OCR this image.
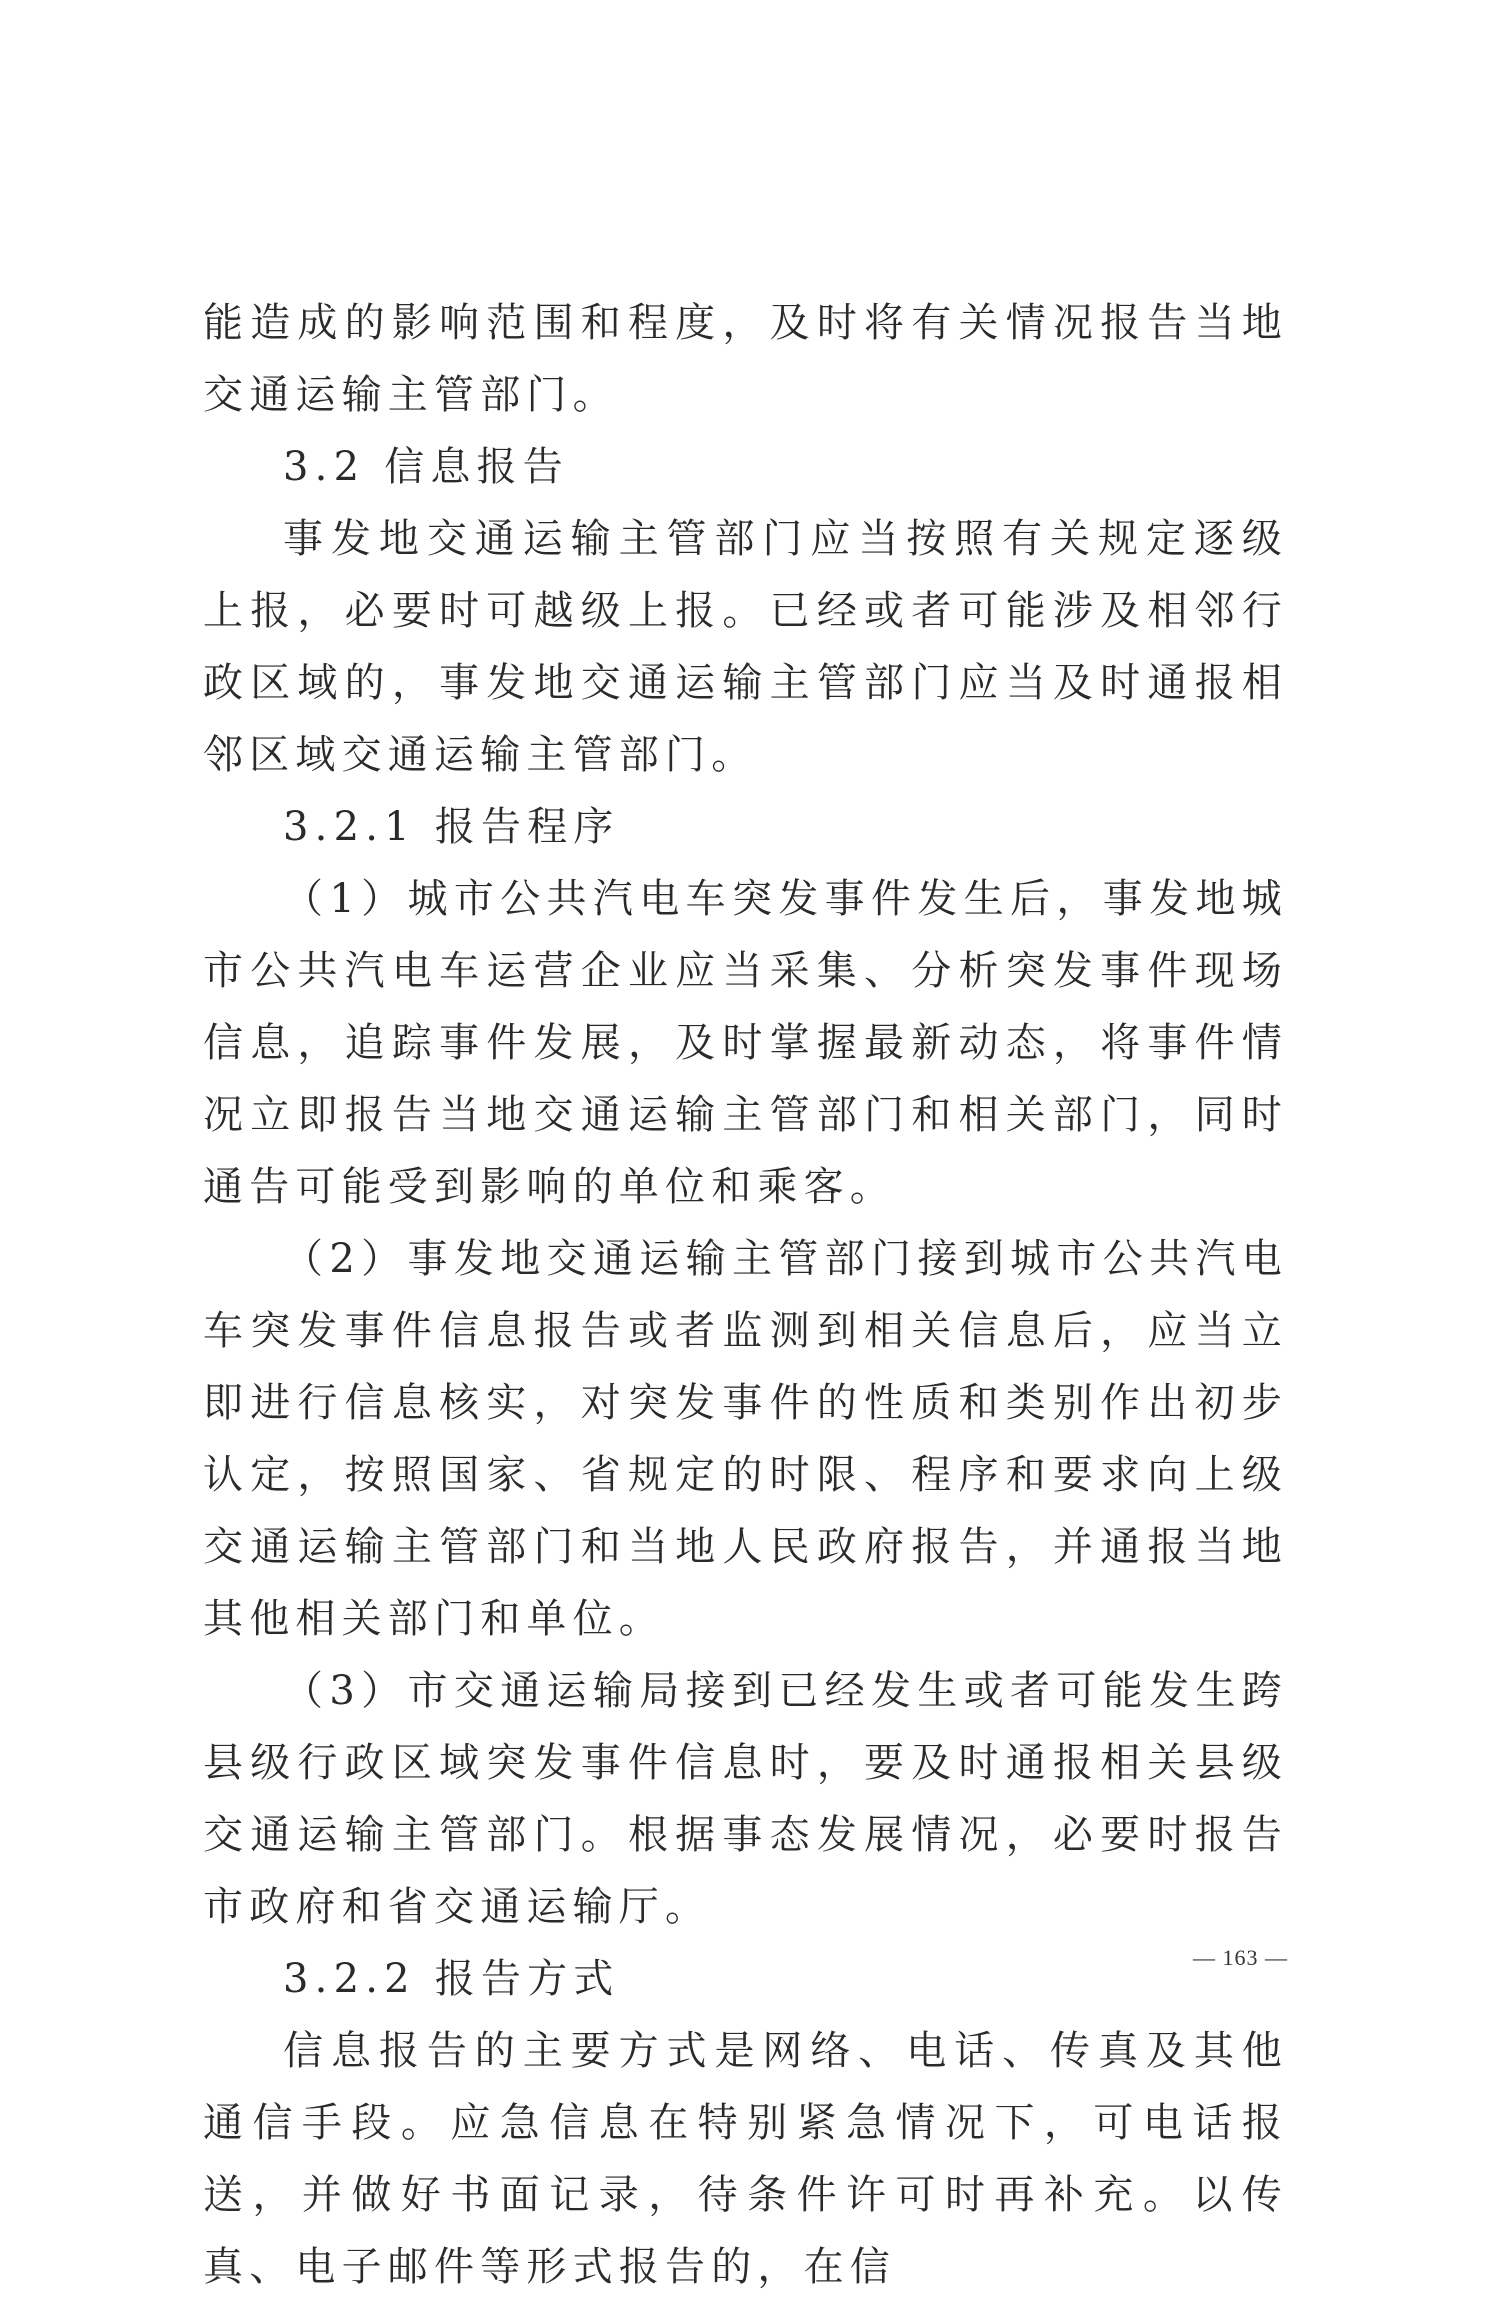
能造成的影响范围和程度，及时将有关情况报告当地交通运输主管部门。

3.2 信息报告

事发地交通运输主管部门应当按照有关规定逐级上报，必要时可越级上报。已经或者可能涉及相邻行政区域的，事发地交通运输主管部门应当及时通报相邻区域交通运输主管部门。

3.2.1 报告程序

（1）城市公共汽电车突发事件发生后，事发地城市公共汽电车运营企业应当采集、分析突发事件现场信息，追踪事件发展，及时掌握最新动态，将事件情况立即报告当地交通运输主管部门和相关部门，同时通告可能受到影响的单位和乘客。

（2）事发地交通运输主管部门接到城市公共汽电车突发事件信息报告或者监测到相关信息后，应当立即进行信息核实，对突发事件的性质和类别作出初步认定，按照国家、省规定的时限、程序和要求向上级交通运输主管部门和当地人民政府报告，并通报当地其他相关部门和单位。

（3）市交通运输局接到已经发生或者可能发生跨县级行政区域突发事件信息时，要及时通报相关县级交通运输主管部门。根据事态发展情况，必要时报告市政府和省交通运输厅。

3.2.2 报告方式

信息报告的主要方式是网络、电话、传真及其他通信手段。应急信息在特别紧急情况下，可电话报送，并做好书面记录，待条件许可时再补充。以传真、电子邮件等形式报告的，在信

— 163 —
